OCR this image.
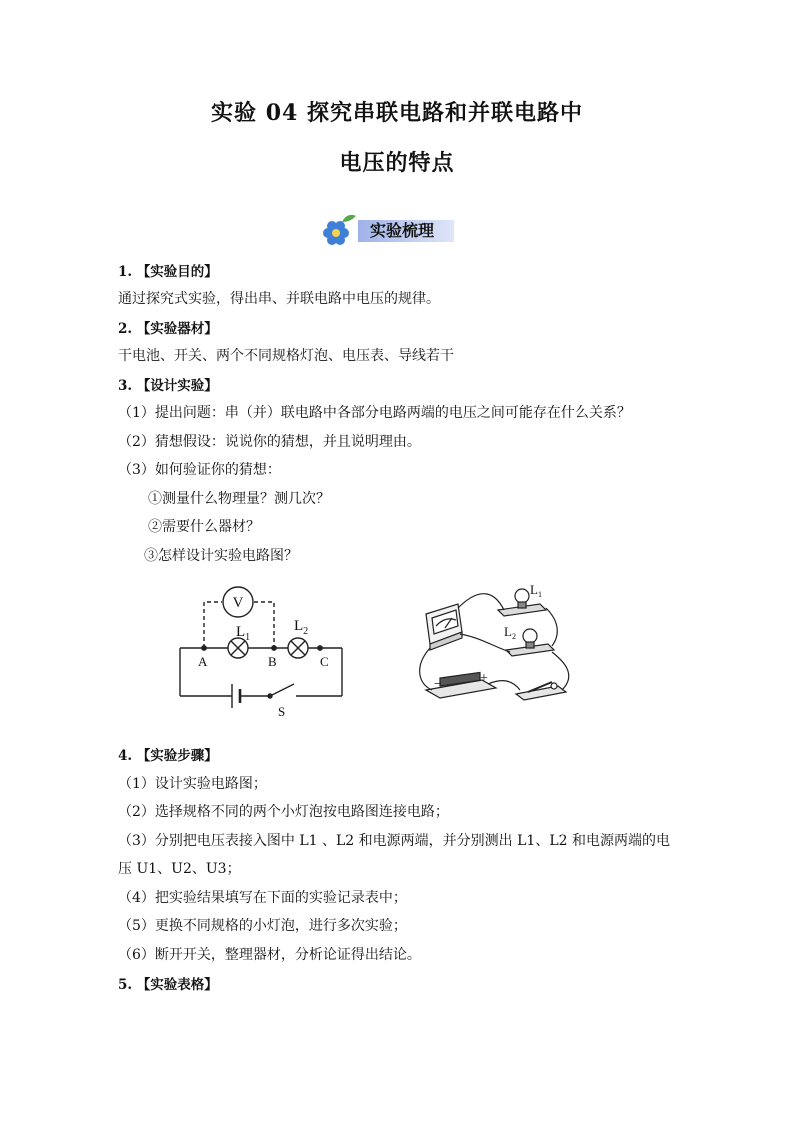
实验 04 探究串联电路和并联电路中
电压的特点
实验梳理
1. 【实验目的】
通过探究式实验，得出串、并联电路中电压的规律。
2. 【实验器材】
干电池、开关、两个不同规格灯泡、电压表、导线若干
3. 【设计实验】
（1）提出问题：串（并）联电路中各部分电路两端的电压之间可能存在什么关系？
（2）猜想假设：说说你的猜想，并且说明理由。
（3）如何验证你的猜想：
①测量什么物理量？测几次？
②需要什么器材？
③怎样设计实验电路图？
V
$L_1$
$L_2$
A	B	C
S
$L_1$
$L_2$
−	+
4. 【实验步骤】
（1）设计实验电路图；
（2）选择规格不同的两个小灯泡按电路图连接电路；
（3）分别把电压表接入图中 L1 、L2 和电源两端，并分别测出 L1、L2 和电源两端的电
压 U1、U2、U3；
（4）把实验结果填写在下面的实验记录表中；
（5）更换不同规格的小灯泡，进行多次实验；
（6）断开开关，整理器材，分析论证得出结论。
5. 【实验表格】
